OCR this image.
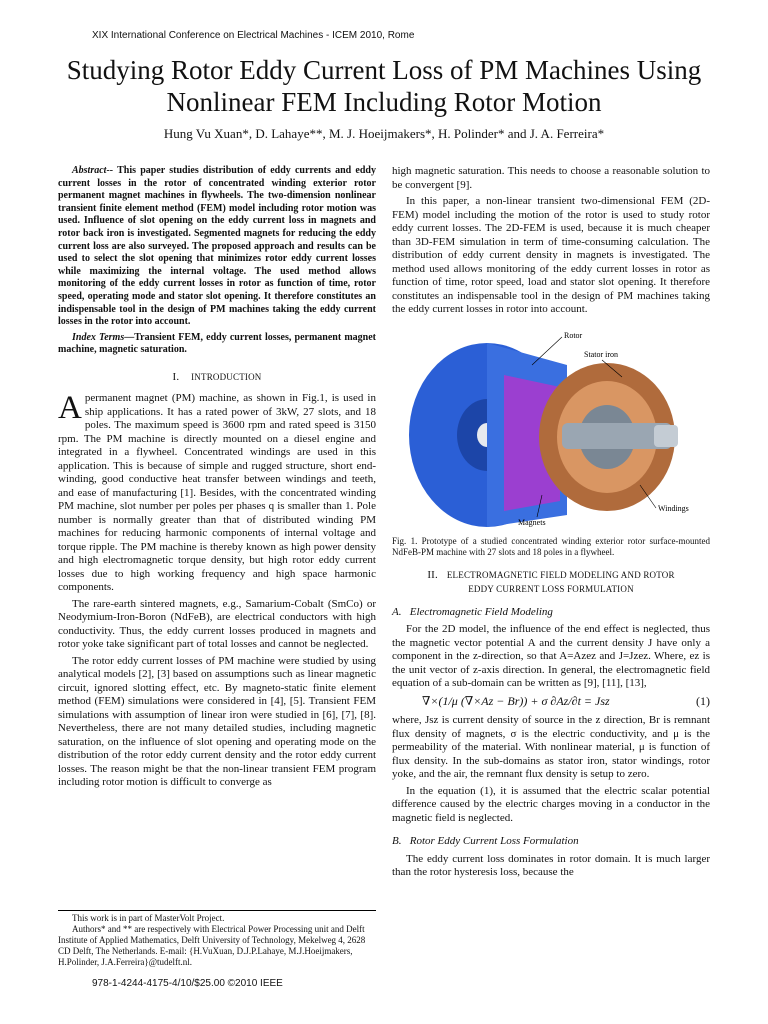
XIX International Conference on Electrical Machines - ICEM 2010, Rome
Studying Rotor Eddy Current Loss of PM Machines Using Nonlinear FEM Including Rotor Motion
Hung Vu Xuan*, D. Lahaye**, M. J. Hoeijmakers*, H. Polinder* and J. A. Ferreira*

Abstract-- This paper studies distribution of eddy currents and eddy current losses in the rotor of concentrated winding exterior rotor permanent magnet machines in flywheels. The two-dimension nonlinear transient finite element method (FEM) model including rotor motion was used. Influence of slot opening on the eddy current loss in magnets and rotor back iron is investigated. Segmented magnets for reducing the eddy current loss are also surveyed. The proposed approach and results can be used to select the slot opening that minimizes rotor eddy current losses while maximizing the internal voltage. The used method allows monitoring of the eddy current losses in rotor as function of time, rotor speed, operating mode and stator slot opening. It therefore constitutes an indispensable tool in the design of PM machines taking the eddy current losses in the rotor into account.

Index Terms—Transient FEM, eddy current losses, permanent magnet machine, magnetic saturation.

I. INTRODUCTION

Apermanent magnet (PM) machine, as shown in Fig.1, is used in ship applications. It has a rated power of 3kW, 27 slots, and 18 poles. The maximum speed is 3600 rpm and rated speed is 3150 rpm. The PM machine is directly mounted on a diesel engine and integrated in a flywheel. Concentrated windings are used in this application. This is because of simple and rugged structure, short end-winding, good conductive heat transfer between windings and teeth, and ease of manufacturing [1]. Besides, with the concentrated winding PM machine, slot number per poles per phases q is smaller than 1. Pole number is normally greater than that of distributed winding PM machines for reducing harmonic components of internal voltage and torque ripple. The PM machine is thereby known as high power density and high electromagnetic torque density, but high rotor eddy current losses due to high working frequency and high space harmonic components.

The rare-earth sintered magnets, e.g., Samarium-Cobalt (SmCo) or Neodymium-Iron-Boron (NdFeB), are electrical conductors with high conductivity. Thus, the eddy current losses produced in magnets and rotor yoke take significant part of total losses and cannot be neglected.

The rotor eddy current losses of PM machine were studied by using analytical models [2], [3] based on assumptions such as linear magnetic circuit, ignored slotting effect, etc. By magneto-static finite element method (FEM) simulations were considered in [4], [5]. Transient FEM simulations with assumption of linear iron were studied in [6], [7], [8]. Nevertheless, there are not many detailed studies, including magnetic saturation, on the influence of slot opening and operating mode on the distribution of the rotor eddy current density and the rotor eddy current losses. The reason might be that the non-linear transient FEM program including rotor motion is difficult to converge as

high magnetic saturation. This needs to choose a reasonable solution to be convergent [9].

In this paper, a non-linear transient two-dimensional FEM (2D-FEM) model including the motion of the rotor is used to study rotor eddy current losses. The 2D-FEM is used, because it is much cheaper than 3D-FEM simulation in term of time-consuming calculation. The distribution of eddy current density in magnets is investigated. The method used allows monitoring of the eddy current losses in rotor as function of time, rotor speed, load and stator slot opening. It therefore constitutes an indispensable tool in the design of PM machines taking the eddy current losses in rotor into account.

Rotor
Stator iron
Magnets
Windings
Fig. 1. Prototype of a studied concentrated winding exterior rotor surface-mounted NdFeB-PM machine with 27 slots and 18 poles in a flywheel.
II. ELECTROMAGNETIC FIELD MODELING AND ROTOR
EDDY CURRENT LOSS FORMULATION
A. Electromagnetic Field Modeling

For the 2D model, the influence of the end effect is neglected, thus the magnetic vector potential A and the current density J have only a component in the z-direction, so that A=Azez and J=Jzez. Where, ez is the unit vector of z-axis direction. In general, the electromagnetic field equation of a sub-domain can be written as [9], [11], [13],

∇×(1/μ (∇×Az − Br)) + σ ∂Az/∂t = Jsz	(1)

where, Jsz is current density of source in the z direction, Br is remnant flux density of magnets, σ is the electric conductivity, and μ is the permeability of the material. With nonlinear material, μ is function of flux density. In the sub-domains as stator iron, stator windings, rotor yoke, and the air, the remnant flux density is setup to zero.

In the equation (1), it is assumed that the electric scalar potential difference caused by the electric charges moving in a conductor in the magnetic field is neglected.

B. Rotor Eddy Current Loss Formulation

The eddy current loss dominates in rotor domain. It is much larger than the rotor hysteresis loss, because the

This work is in part of MasterVolt Project.

Authors* and ** are respectively with Electrical Power Processing unit and Delft Institute of Applied Mathematics, Delft University of Technology, Mekelweg 4, 2628 CD Delft, The Netherlands. E-mail: {H.VuXuan, D.J.P.Lahaye, M.J.Hoeijmakers, H.Polinder, J.A.Ferreira}@tudelft.nl.

978-1-4244-4175-4/10/$25.00 ©2010 IEEE
